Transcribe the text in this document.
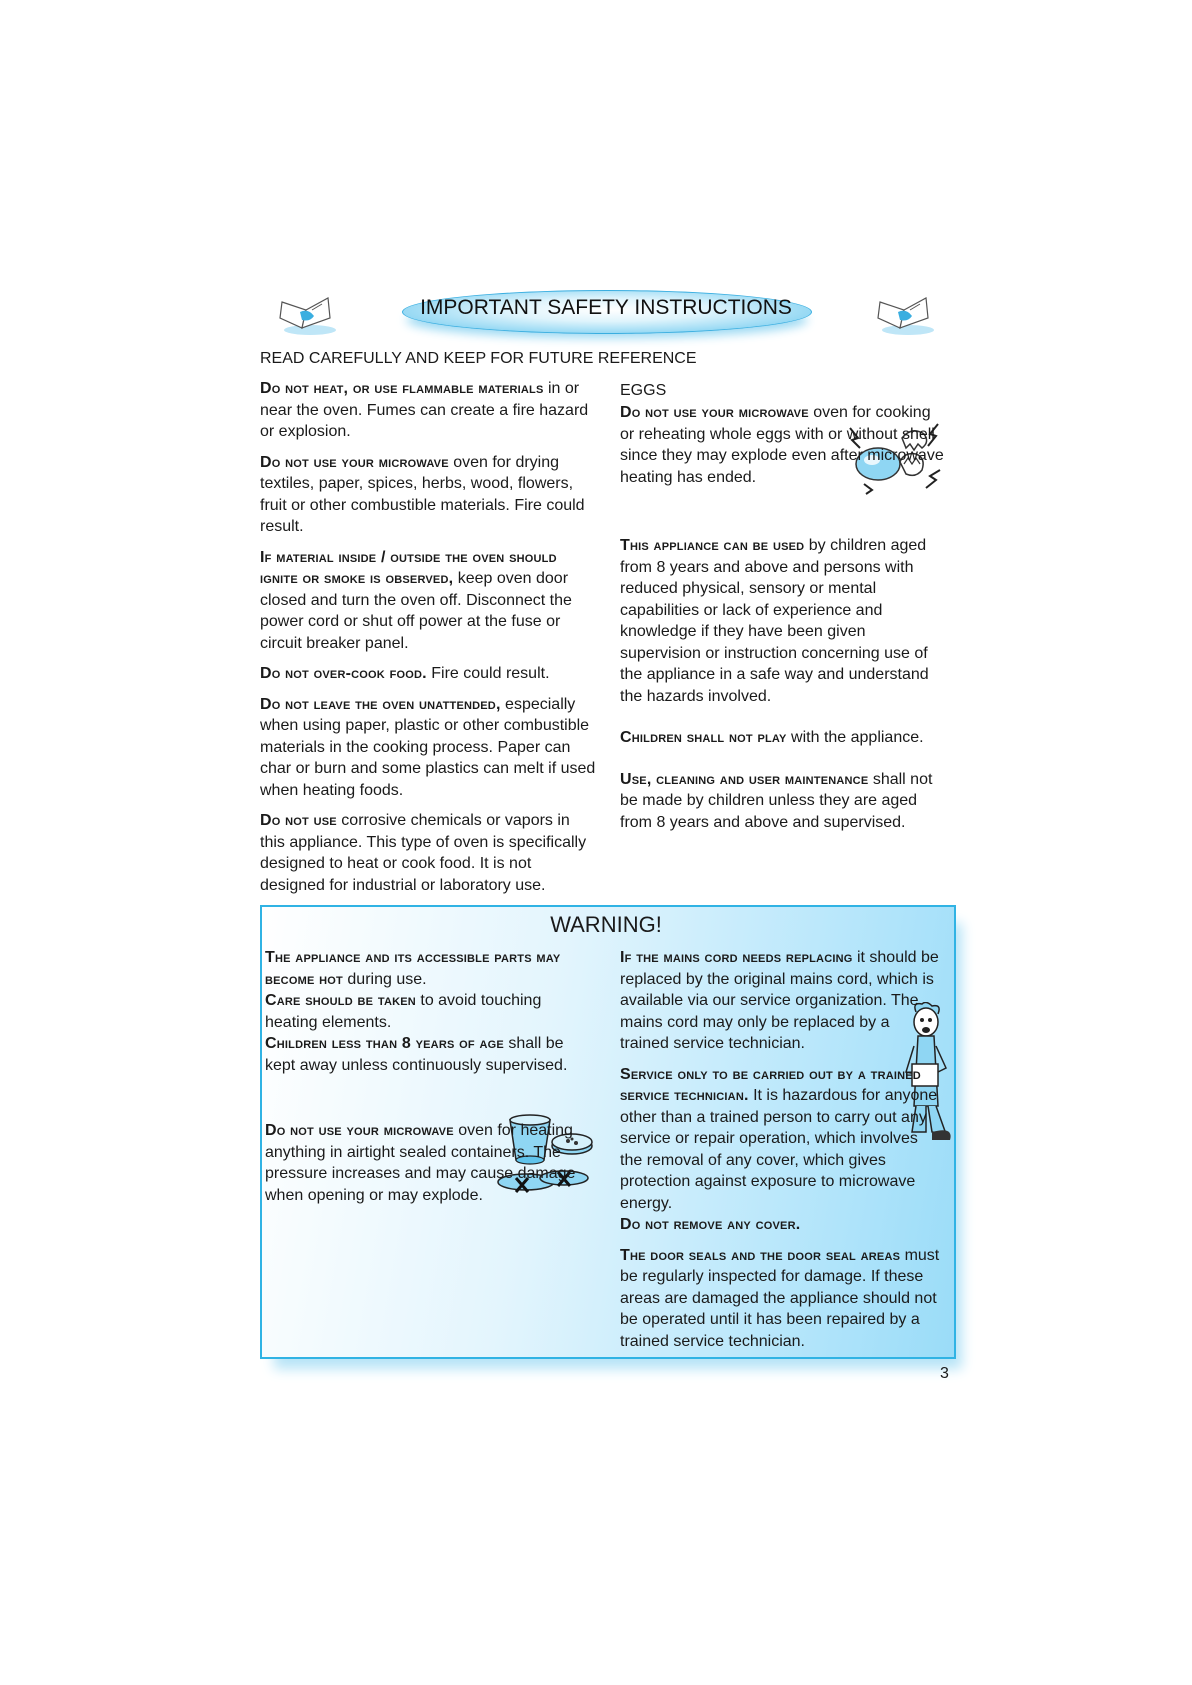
IMPORTANT SAFETY INSTRUCTIONS
READ CAREFULLY AND KEEP FOR FUTURE REFERENCE

Do not heat, or use flammable materials in or near the oven. Fumes can create a fire hazard or explosion.

Do not use your microwave oven for drying textiles, paper, spices, herbs, wood, flowers, fruit or other combustible materials. Fire could result.

If material inside / outside the oven should ignite or smoke is observed, keep oven door closed and turn the oven off. Disconnect the power cord or shut off power at the fuse or circuit breaker panel.

Do not over-cook food. Fire could result.

Do not leave the oven unattended, especially when using paper, plastic or other combustible materials in the cooking process. Paper can char or burn and some plastics can melt if used when heating foods.

Do not use corrosive chemicals or vapors in this appliance. This type of oven is specifically designed to heat or cook food. It is not designed for industrial or laboratory use.

EGGS

Do not use your microwave oven for cooking or reheating whole eggs with or without shell since they may explode even after microwave heating has ended.

This appliance can be used by children aged from 8 years and above and persons with reduced physical, sensory or mental capabilities or lack of experience and knowledge if they have been given supervision or instruction concerning use of the appliance in a safe way and understand the hazards involved.

Children shall not play with the appliance.

Use, cleaning and user maintenance shall not be made by children unless they are aged from 8 years and above and supervised.

WARNING!

The appliance and its accessible parts may become hot during use.

Care should be taken to avoid touching heating elements.

Children less than 8 years of age shall be kept away unless continuously supervised.

Do not use your microwave oven for heating anything in airtight sealed containers. The pressure increases and may cause damage when opening or may explode.

If the mains cord needs replacing it should be replaced by the original mains cord, which is available via our service organization. The mains cord may only be replaced by a trained service technician.

Service only to be carried out by a trained service technician. It is hazardous for anyone other than a trained person to carry out any service or repair operation, which involves the removal of any cover, which gives protection against exposure to microwave energy.

Do not remove any cover.

The door seals and the door seal areas must be regularly inspected for damage. If these areas are damaged the appliance should not be operated until it has been repaired by a trained service technician.

3
